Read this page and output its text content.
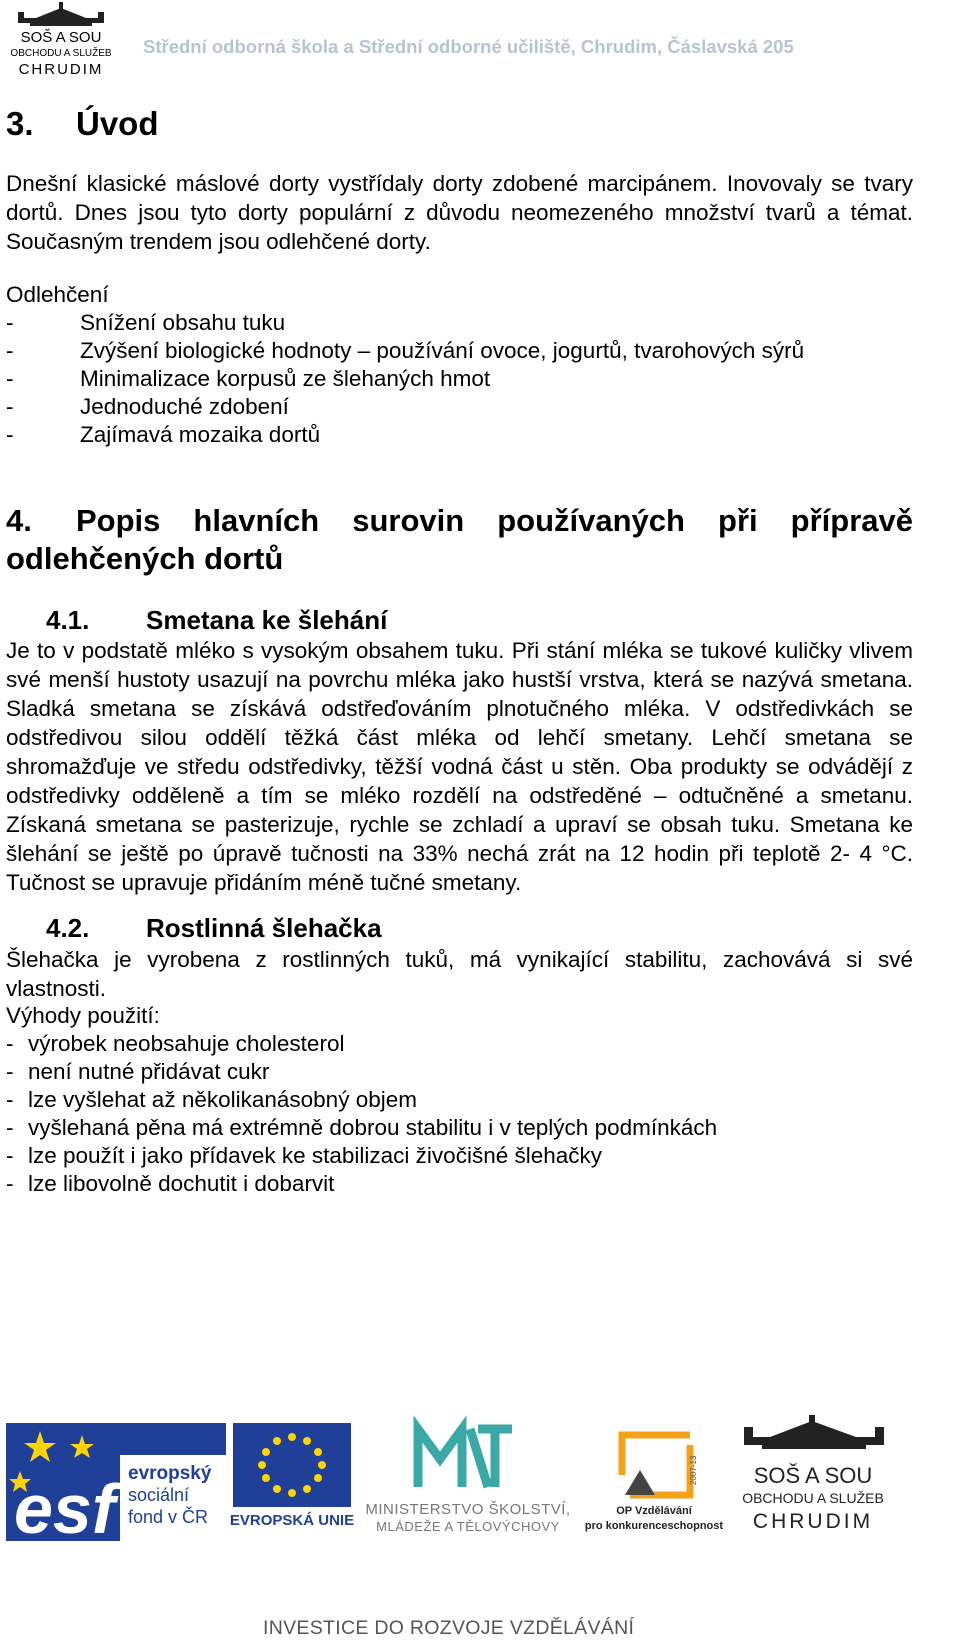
SOŠ A SOU
OBCHODU A SLUŽEB
CHRUDIM
Střední odborná škola a Střední odborné učiliště, Chrudim, Čáslavská 205
3. Úvod
Dnešní klasické máslové dorty vystřídaly dorty zdobené marcipánem. Inovovaly se tvary dortů. Dnes jsou tyto dorty populární z důvodu neomezeného množství tvarů a témat. Současným trendem jsou odlehčené dorty.
Odlehčení
-	Snížení obsahu tuku
-	Zvýšení biologické hodnoty – používání ovoce, jogurtů, tvarohových sýrů
-	Minimalizace korpusů ze šlehaných hmot
-	Jednoduché zdobení
-	Zajímavá mozaika dortů
4. Popis hlavních surovin používaných při přípravě
odlehčených dortů
4.1. Smetana ke šlehání
Je to v podstatě mléko s vysokým obsahem tuku. Při stání mléka se tukové kuličky vlivem své menší hustoty usazují na povrchu mléka jako hustší vrstva, která se nazývá smetana. Sladká smetana se získává odstřeďováním plnotučného mléka. V odstředivkách se odstředivou silou oddělí těžká část mléka od lehčí smetany. Lehčí smetana se shromažďuje ve středu odstředivky, těžší vodná část u stěn. Oba produkty se odvádějí z odstředivky odděleně a tím se mléko rozdělí na odstředěné – odtučněné a smetanu. Získaná smetana se pasterizuje, rychle se zchladí a upraví se obsah tuku. Smetana ke šlehání se ještě po úpravě tučnosti na 33% nechá zrát na 12 hodin při teplotě 2- 4 °C. Tučnost se upravuje přidáním méně tučné smetany.
4.2. Rostlinná šlehačka
Šlehačka je vyrobena z rostlinných tuků, má vynikající stabilitu, zachovává si své vlastnosti.
Výhody použití:
- výrobek neobsahuje cholesterol
- není nutné přidávat cukr
- lze vyšlehat až několikanásobný objem
- vyšlehaná pěna má extrémně dobrou stabilitu i v teplých podmínkách
- lze použít i jako přídavek ke stabilizaci živočišné šlehačky
- lze libovolně dochutit i dobarvit
esf evropský
sociální
fond v ČR EVROPSKÁ UNIE
MINISTERSTVO ŠKOLSTVÍ,
MLÁDEŽE A TĚLOVÝCHOVY
2007-13
OP Vzdělávání
pro konkurenceschopnost
SOŠ A SOU
OBCHODU A SLUŽEB
CHRUDIM
INVESTICE DO ROZVOJE VZDĚLÁVÁNÍ
